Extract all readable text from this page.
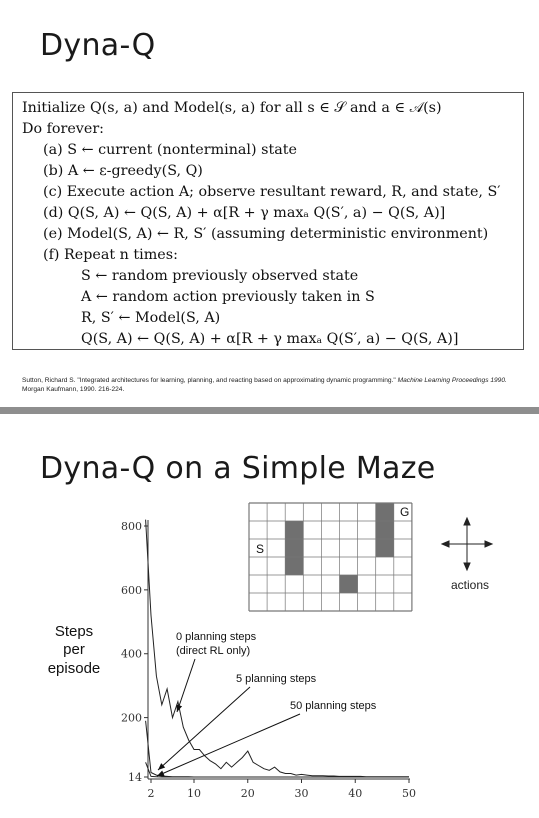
Dyna-Q
Initialize Q(s, a) and Model(s, a) for all s ∈ 𝒮 and a ∈ 𝒜(s)
Do forever:
(a) S ← current (nonterminal) state
(b) A ← ε-greedy(S, Q)
(c) Execute action A; observe resultant reward, R, and state, S′
(d) Q(S, A) ← Q(S, A) + α[R + γ maxₐ Q(S′, a) − Q(S, A)]
(e) Model(S, A) ← R, S′ (assuming deterministic environment)
(f) Repeat n times:
S ← random previously observed state
A ← random action previously taken in S
R, S′ ← Model(S, A)
Q(S, A) ← Q(S, A) + α[R + γ maxₐ Q(S′, a) − Q(S, A)]
Sutton, Richard S. "Integrated architectures for learning, planning, and reacting based on approximating dynamic programming." Machine Learning Proceedings 1990. Morgan Kaufmann, 1990. 216-224.
Dyna-Q on a Simple Maze
S
G
actions
Steps
per
episode
14
200
400
600
800
2	10	20	30	40	50
0 planning steps
(direct RL only)
5 planning steps
50 planning steps
